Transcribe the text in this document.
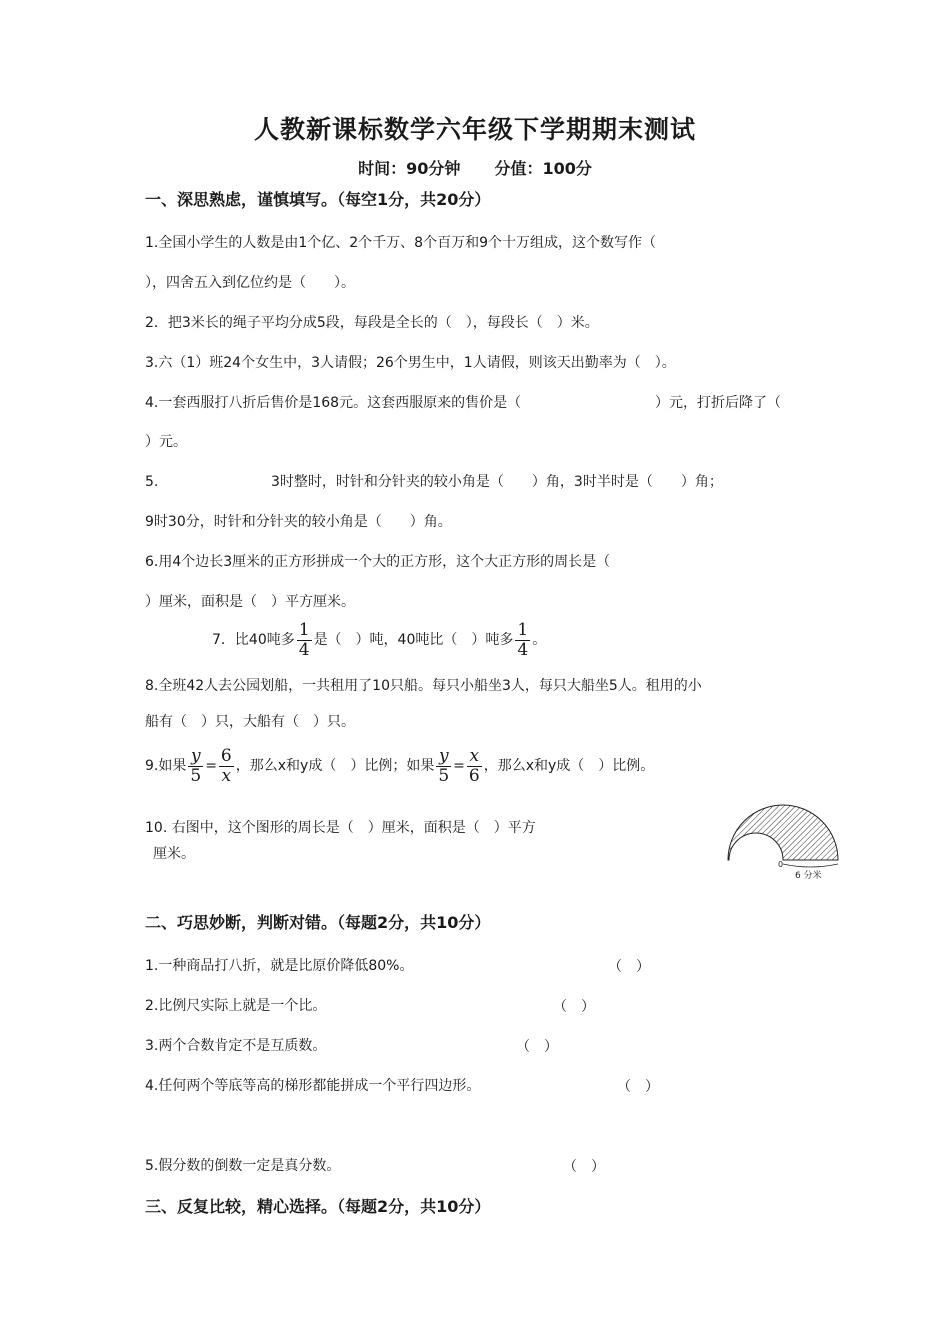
人教新课标数学六年级下学期期末测试
时间：90分钟 分值：100分
一、深思熟虑，谨慎填写。（每空1分，共20分）
1.全国小学生的人数是由1个亿、2个千万、8个百万和9个十万组成，这个数写作（
），四舍五入到亿位约是（　　）。
2．把3米长的绳子平均分成5段，每段是全长的（　），每段长（　）米。
3.六（1）班24个女生中，3人请假；26个男生中，1人请假，则该天出勤率为（　）。
4.一套西服打八折后售价是168元。这套西服原来的售价是（	）元，打折后降了（
）元。
5.	3时整时，时针和分针夹的较小角是（　　）角，3时半时是（　　）角；
9时30分，时针和分针夹的较小角是（　　）角。
6.用4个边长3厘米的正方形拼成一个大的正方形，这个大正方形的周长是（
）厘米，面积是（　）平方厘米。
7．比40吨多 $\frac{1}{4}$ 是（　）吨，40吨比（　）吨多 $\frac{1}{4}$ 。
8.全班42人去公园划船，一共租用了10只船。每只小船坐3人，每只大船坐5人。租用的小
船有（　）只，大船有（　）只。
9.如果 $\frac{y}{5} = \frac{6}{x}$ ，那么x和y成（　）比例；如果 $\frac{y}{5} = \frac{x}{6}$ ，那么x和y成（　）比例。
10. 右图中，这个图形的周长是（　）厘米，面积是（　）平方
厘米。
0
6 分米
二、巧思妙断，判断对错。（每题2分，共10分）
1.一种商品打八折，就是比原价降低80%。	（　）
2.比例尺实际上就是一个比。	（　）
3.两个合数肯定不是互质数。	（　）
4.任何两个等底等高的梯形都能拼成一个平行四边形。	（　）
5.假分数的倒数一定是真分数。	（　）
三、反复比较，精心选择。（每题2分，共10分）
